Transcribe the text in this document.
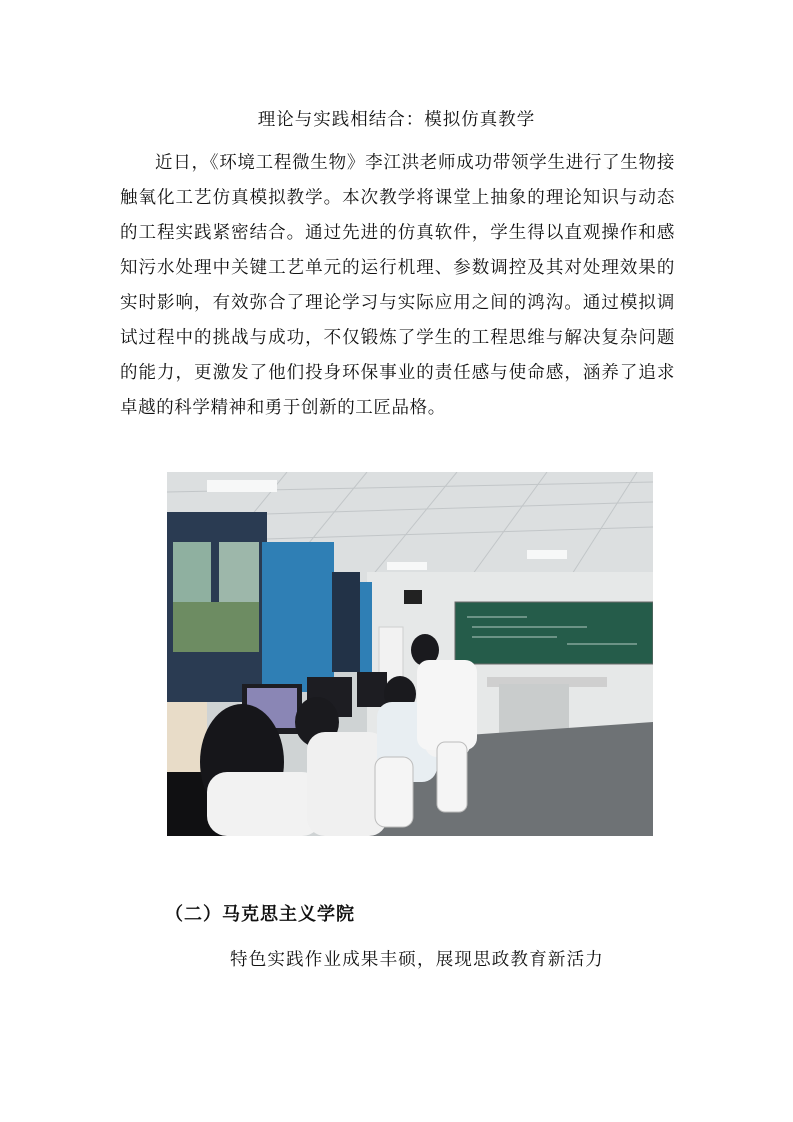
理论与实践相结合：模拟仿真教学
近日，《环境工程微生物》李江洪老师成功带领学生进行了生物接触氧化工艺仿真模拟教学。本次教学将课堂上抽象的理论知识与动态的工程实践紧密结合。通过先进的仿真软件，学生得以直观操作和感知污水处理中关键工艺单元的运行机理、参数调控及其对处理效果的实时影响，有效弥合了理论学习与实际应用之间的鸿沟。通过模拟调试过程中的挑战与成功，不仅锻炼了学生的工程思维与解决复杂问题的能力，更激发了他们投身环保事业的责任感与使命感，涵养了追求卓越的科学精神和勇于创新的工匠品格。
（二）马克思主义学院
特色实践作业成果丰硕，展现思政教育新活力
